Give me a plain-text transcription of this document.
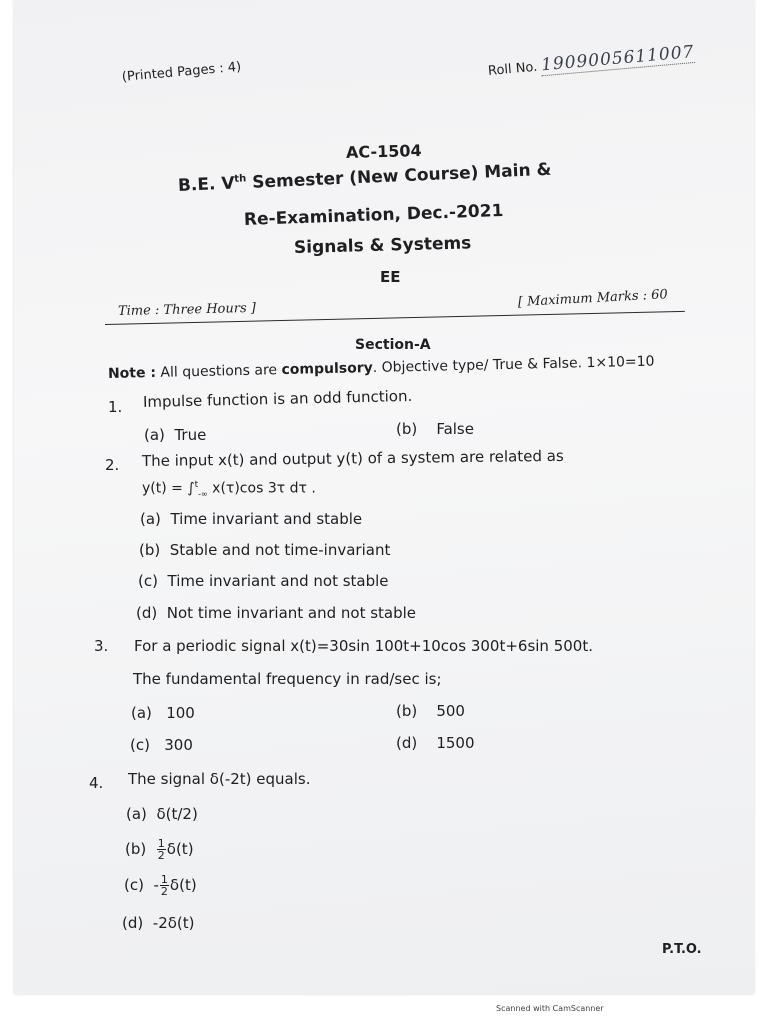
(Printed Pages : 4)	Roll No. 1909005611007
AC-1504
B.E. Vth Semester (New Course) Main &
Re-Examination, Dec.-2021
Signals & Systems
EE
Time : Three Hours ]	[ Maximum Marks : 60
Section-A
Note : All questions are compulsory. Objective type/ True & False. 1×10=10
1. Impulse function is an odd function.
(a) True	(b) False
2. The input x(t) and output y(t) of a system are related as
y(t) = ∫$^t_{-\infty}$ x(τ)cos 3τ dτ .
(a) Time invariant and stable
(b) Stable and not time-invariant
(c) Time invariant and not stable
(d) Not time invariant and not stable
3. For a periodic signal x(t)=30sin 100t+10cos 300t+6sin 500t.
The fundamental frequency in rad/sec is;
(a) 100	(b) 500
(c) 300	(d) 1500
4. The signal δ(-2t) equals.
(a) δ(t/2)
$(b) \frac{1}{2} \delta(t)$
$(c) - \frac{1}{2} \delta(t)$
(d) -2δ(t)
P.T.O.
Scanned with CamScanner
